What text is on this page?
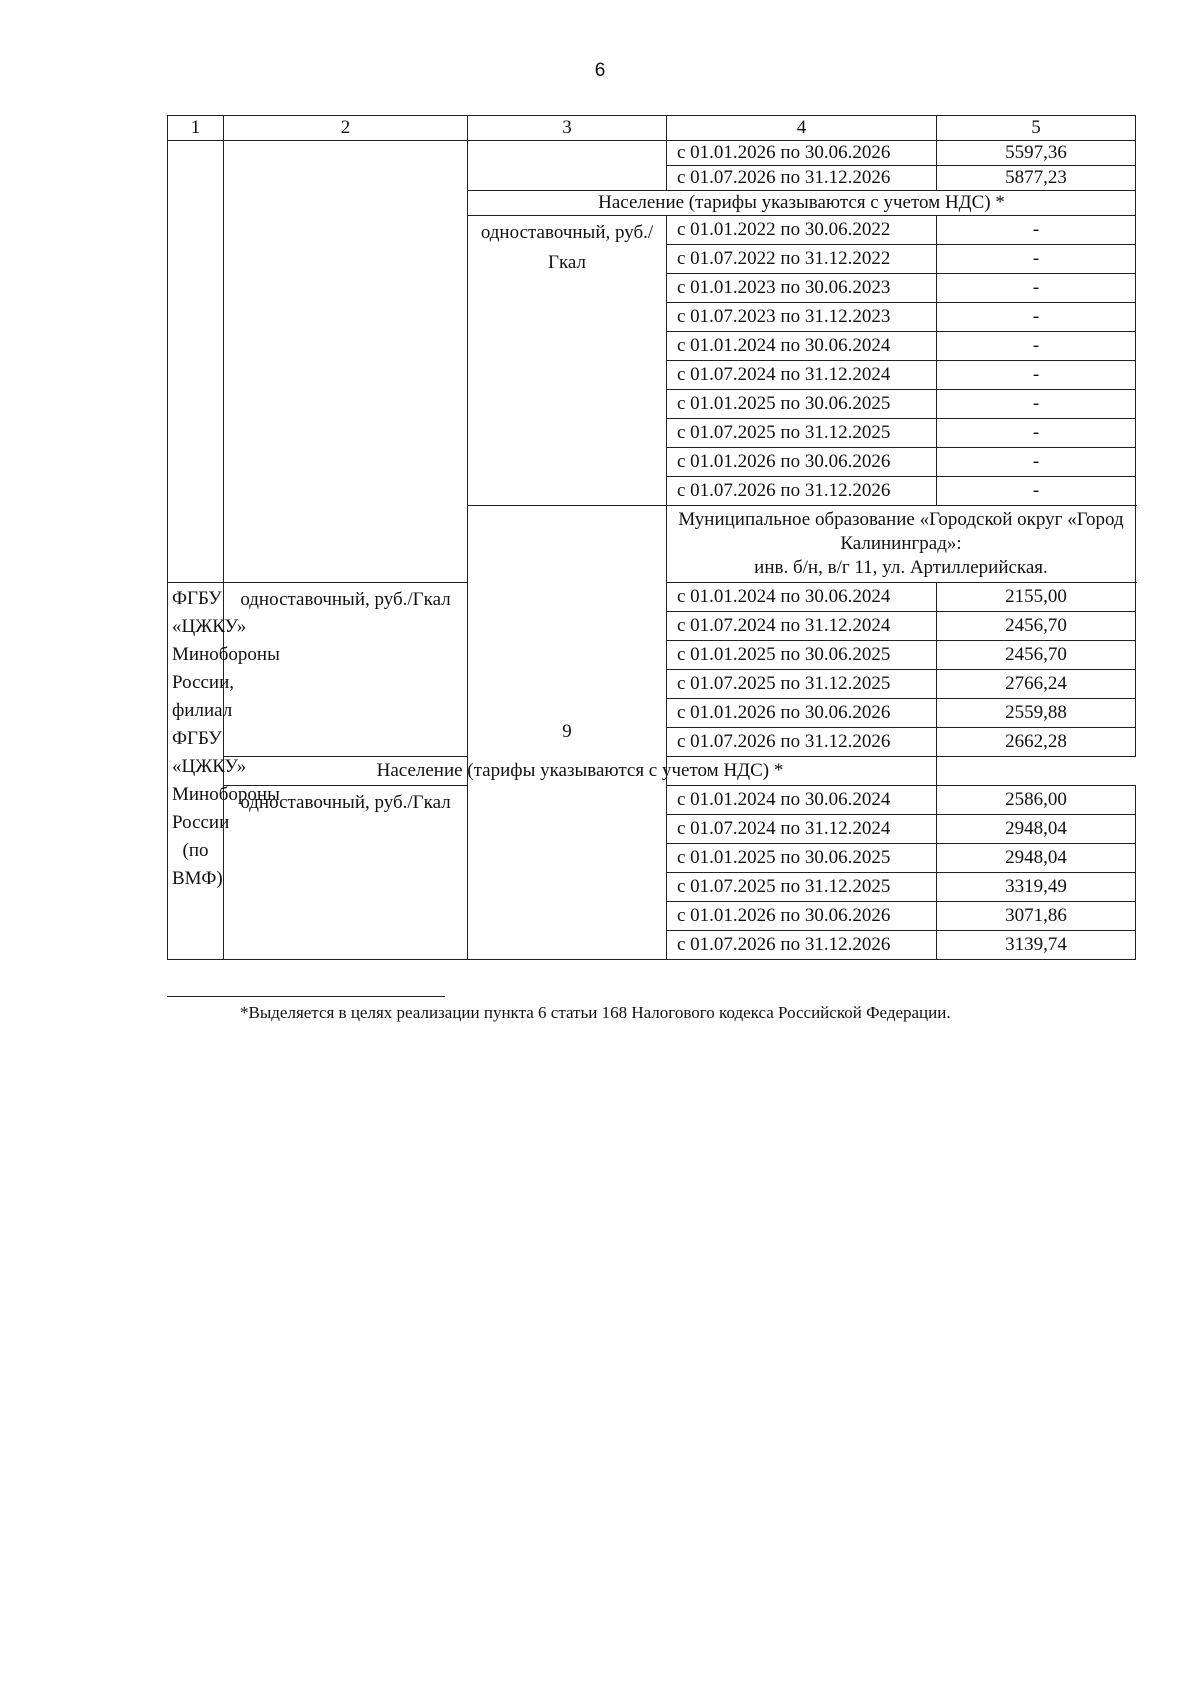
6
1	2	3	4	5
			с 01.01.2026 по 30.06.2026	5597,36
			с 01.07.2026 по 31.12.2026	5877,23
		Население (тарифы указываются с учетом НДС) *		
		одноставочный, руб./Гкал	с 01.01.2022 по 30.06.2022	-
			с 01.07.2022 по 31.12.2022	-
			с 01.01.2023 по 30.06.2023	-
			с 01.07.2023 по 31.12.2023	-
			с 01.01.2024 по 30.06.2024	-
			с 01.07.2024 по 31.12.2024	-
			с 01.01.2025 по 30.06.2025	-
			с 01.07.2025 по 31.12.2025	-
			с 01.01.2026 по 30.06.2026	-
			с 01.07.2026 по 31.12.2026	-
		9	Муниципальное образование «Городской округ «Город Калининград»:
инв. б/н, в/г 11, ул. Артиллерийская.	

ФГБУ «ЦЖКУ» Минобороны России, филиал ФГБУ «ЦЖКУ» Минобороны России (по ВМФ)	одноставочный, руб./Гкал		с 01.01.2024 по 30.06.2024	2155,00
			с 01.07.2024 по 31.12.2024	2456,70
			с 01.01.2025 по 30.06.2025	2456,70
			с 01.07.2025 по 31.12.2025	2766,24
			с 01.01.2026 по 30.06.2026	2559,88
			с 01.07.2026 по 31.12.2026	2662,28
	Население (тарифы указываются с учетом НДС) *			
	одноставочный, руб./Гкал		с 01.01.2024 по 30.06.2024	2586,00
			с 01.07.2024 по 31.12.2024	2948,04
			с 01.01.2025 по 30.06.2025	2948,04
			с 01.07.2025 по 31.12.2025	3319,49
			с 01.01.2026 по 30.06.2026	3071,86
			с 01.07.2026 по 31.12.2026	3139,74
*Выделяется в целях реализации пункта 6 статьи 168 Налогового кодекса Российской Федерации.
